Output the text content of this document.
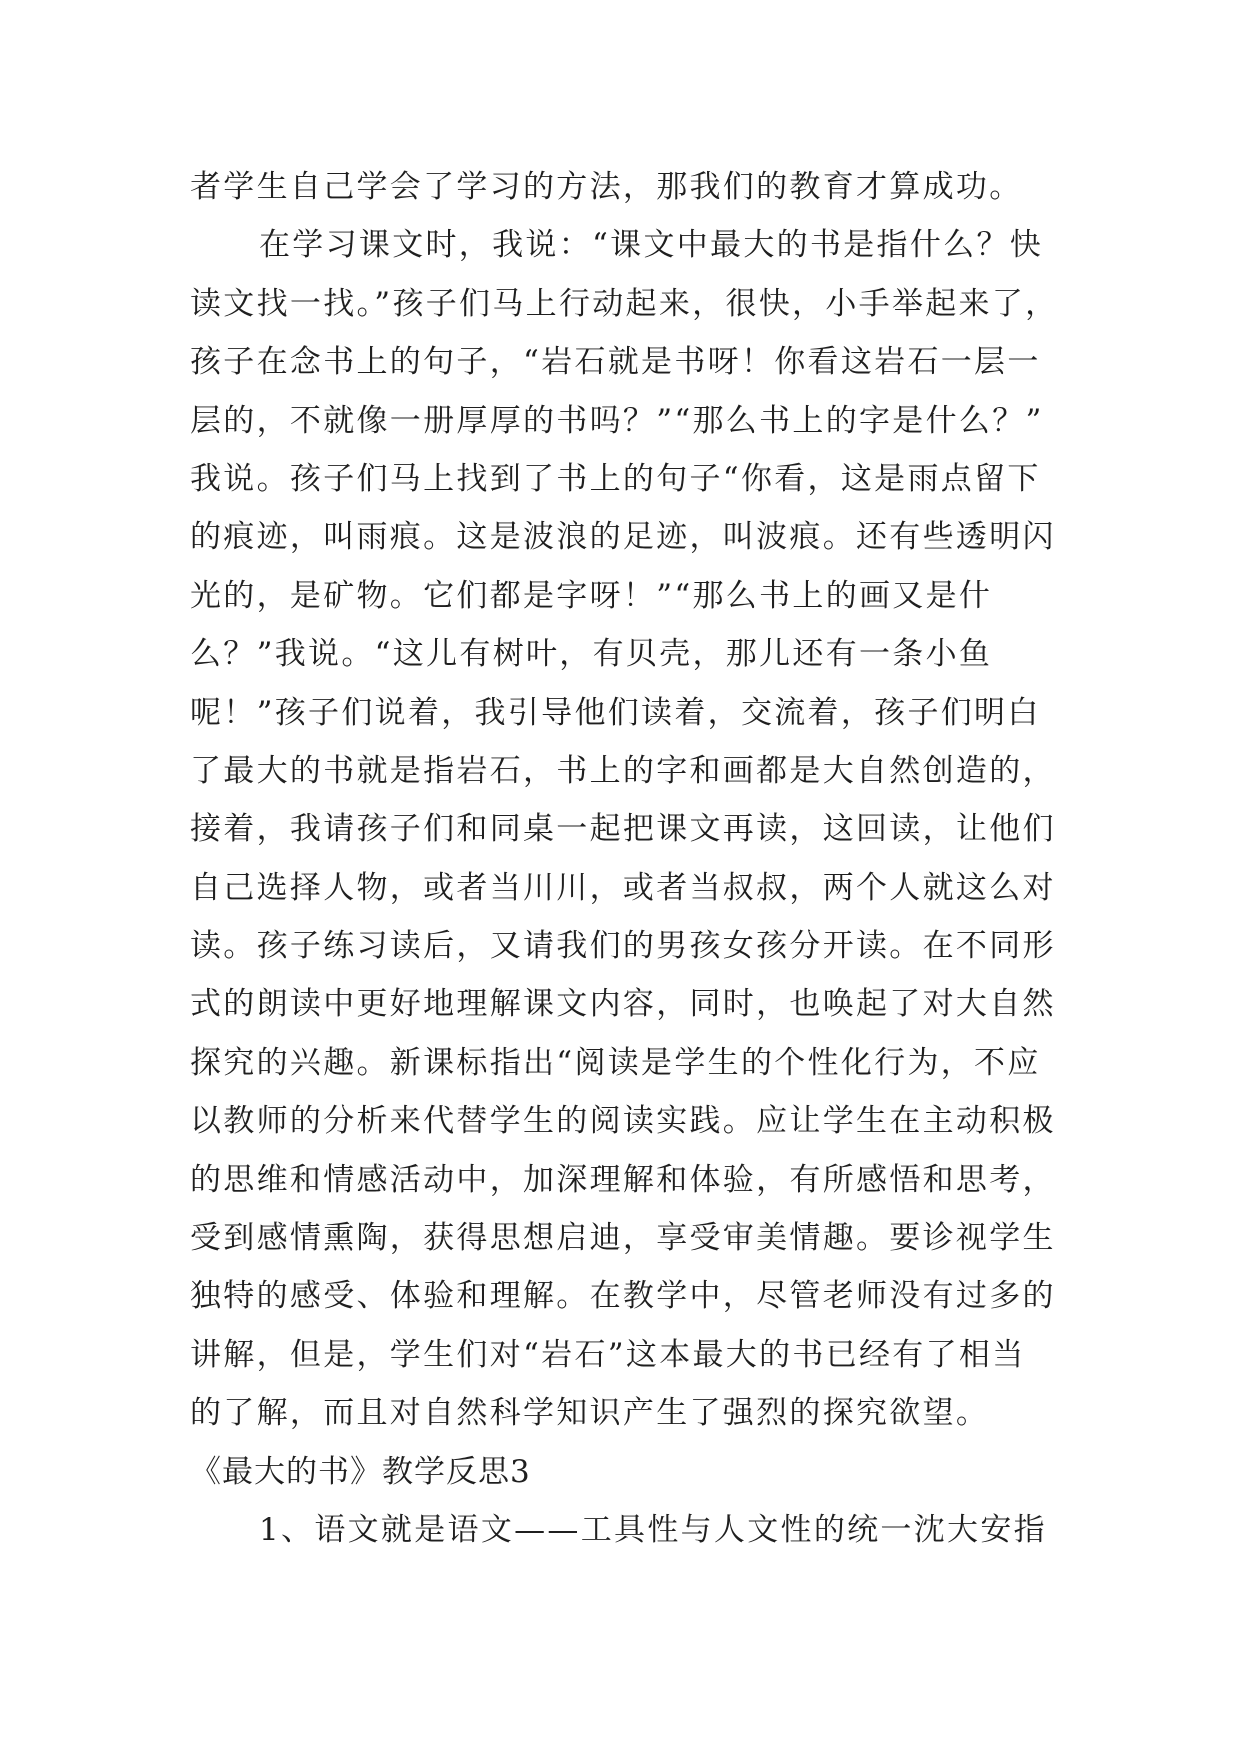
者学生自己学会了学习的方法，那我们的教育才算成功。
在学习课文时，我说：“课文中最大的书是指什么？快
读文找一找。”孩子们马上行动起来，很快，小手举起来了，
孩子在念书上的句子，“岩石就是书呀！你看这岩石一层一
层的，不就像一册厚厚的书吗？”“那么书上的字是什么？”
我说。孩子们马上找到了书上的句子“你看，这是雨点留下
的痕迹，叫雨痕。这是波浪的足迹，叫波痕。还有些透明闪
光的，是矿物。它们都是字呀！”“那么书上的画又是什
么？”我说。“这儿有树叶，有贝壳，那儿还有一条小鱼
呢！”孩子们说着，我引导他们读着，交流着，孩子们明白
了最大的书就是指岩石，书上的字和画都是大自然创造的，
接着，我请孩子们和同桌一起把课文再读，这回读，让他们
自己选择人物，或者当川川，或者当叔叔，两个人就这么对
读。孩子练习读后，又请我们的男孩女孩分开读。在不同形
式的朗读中更好地理解课文内容，同时，也唤起了对大自然
探究的兴趣。新课标指出“阅读是学生的个性化行为，不应
以教师的分析来代替学生的阅读实践。应让学生在主动积极
的思维和情感活动中，加深理解和体验，有所感悟和思考，
受到感情熏陶，获得思想启迪，享受审美情趣。要诊视学生
独特的感受、体验和理解。在教学中，尽管老师没有过多的
讲解，但是，学生们对“岩石”这本最大的书已经有了相当
的了解，而且对自然科学知识产生了强烈的探究欲望。
《最大的书》教学反思3
1、语文就是语文——工具性与人文性的统一沈大安指
